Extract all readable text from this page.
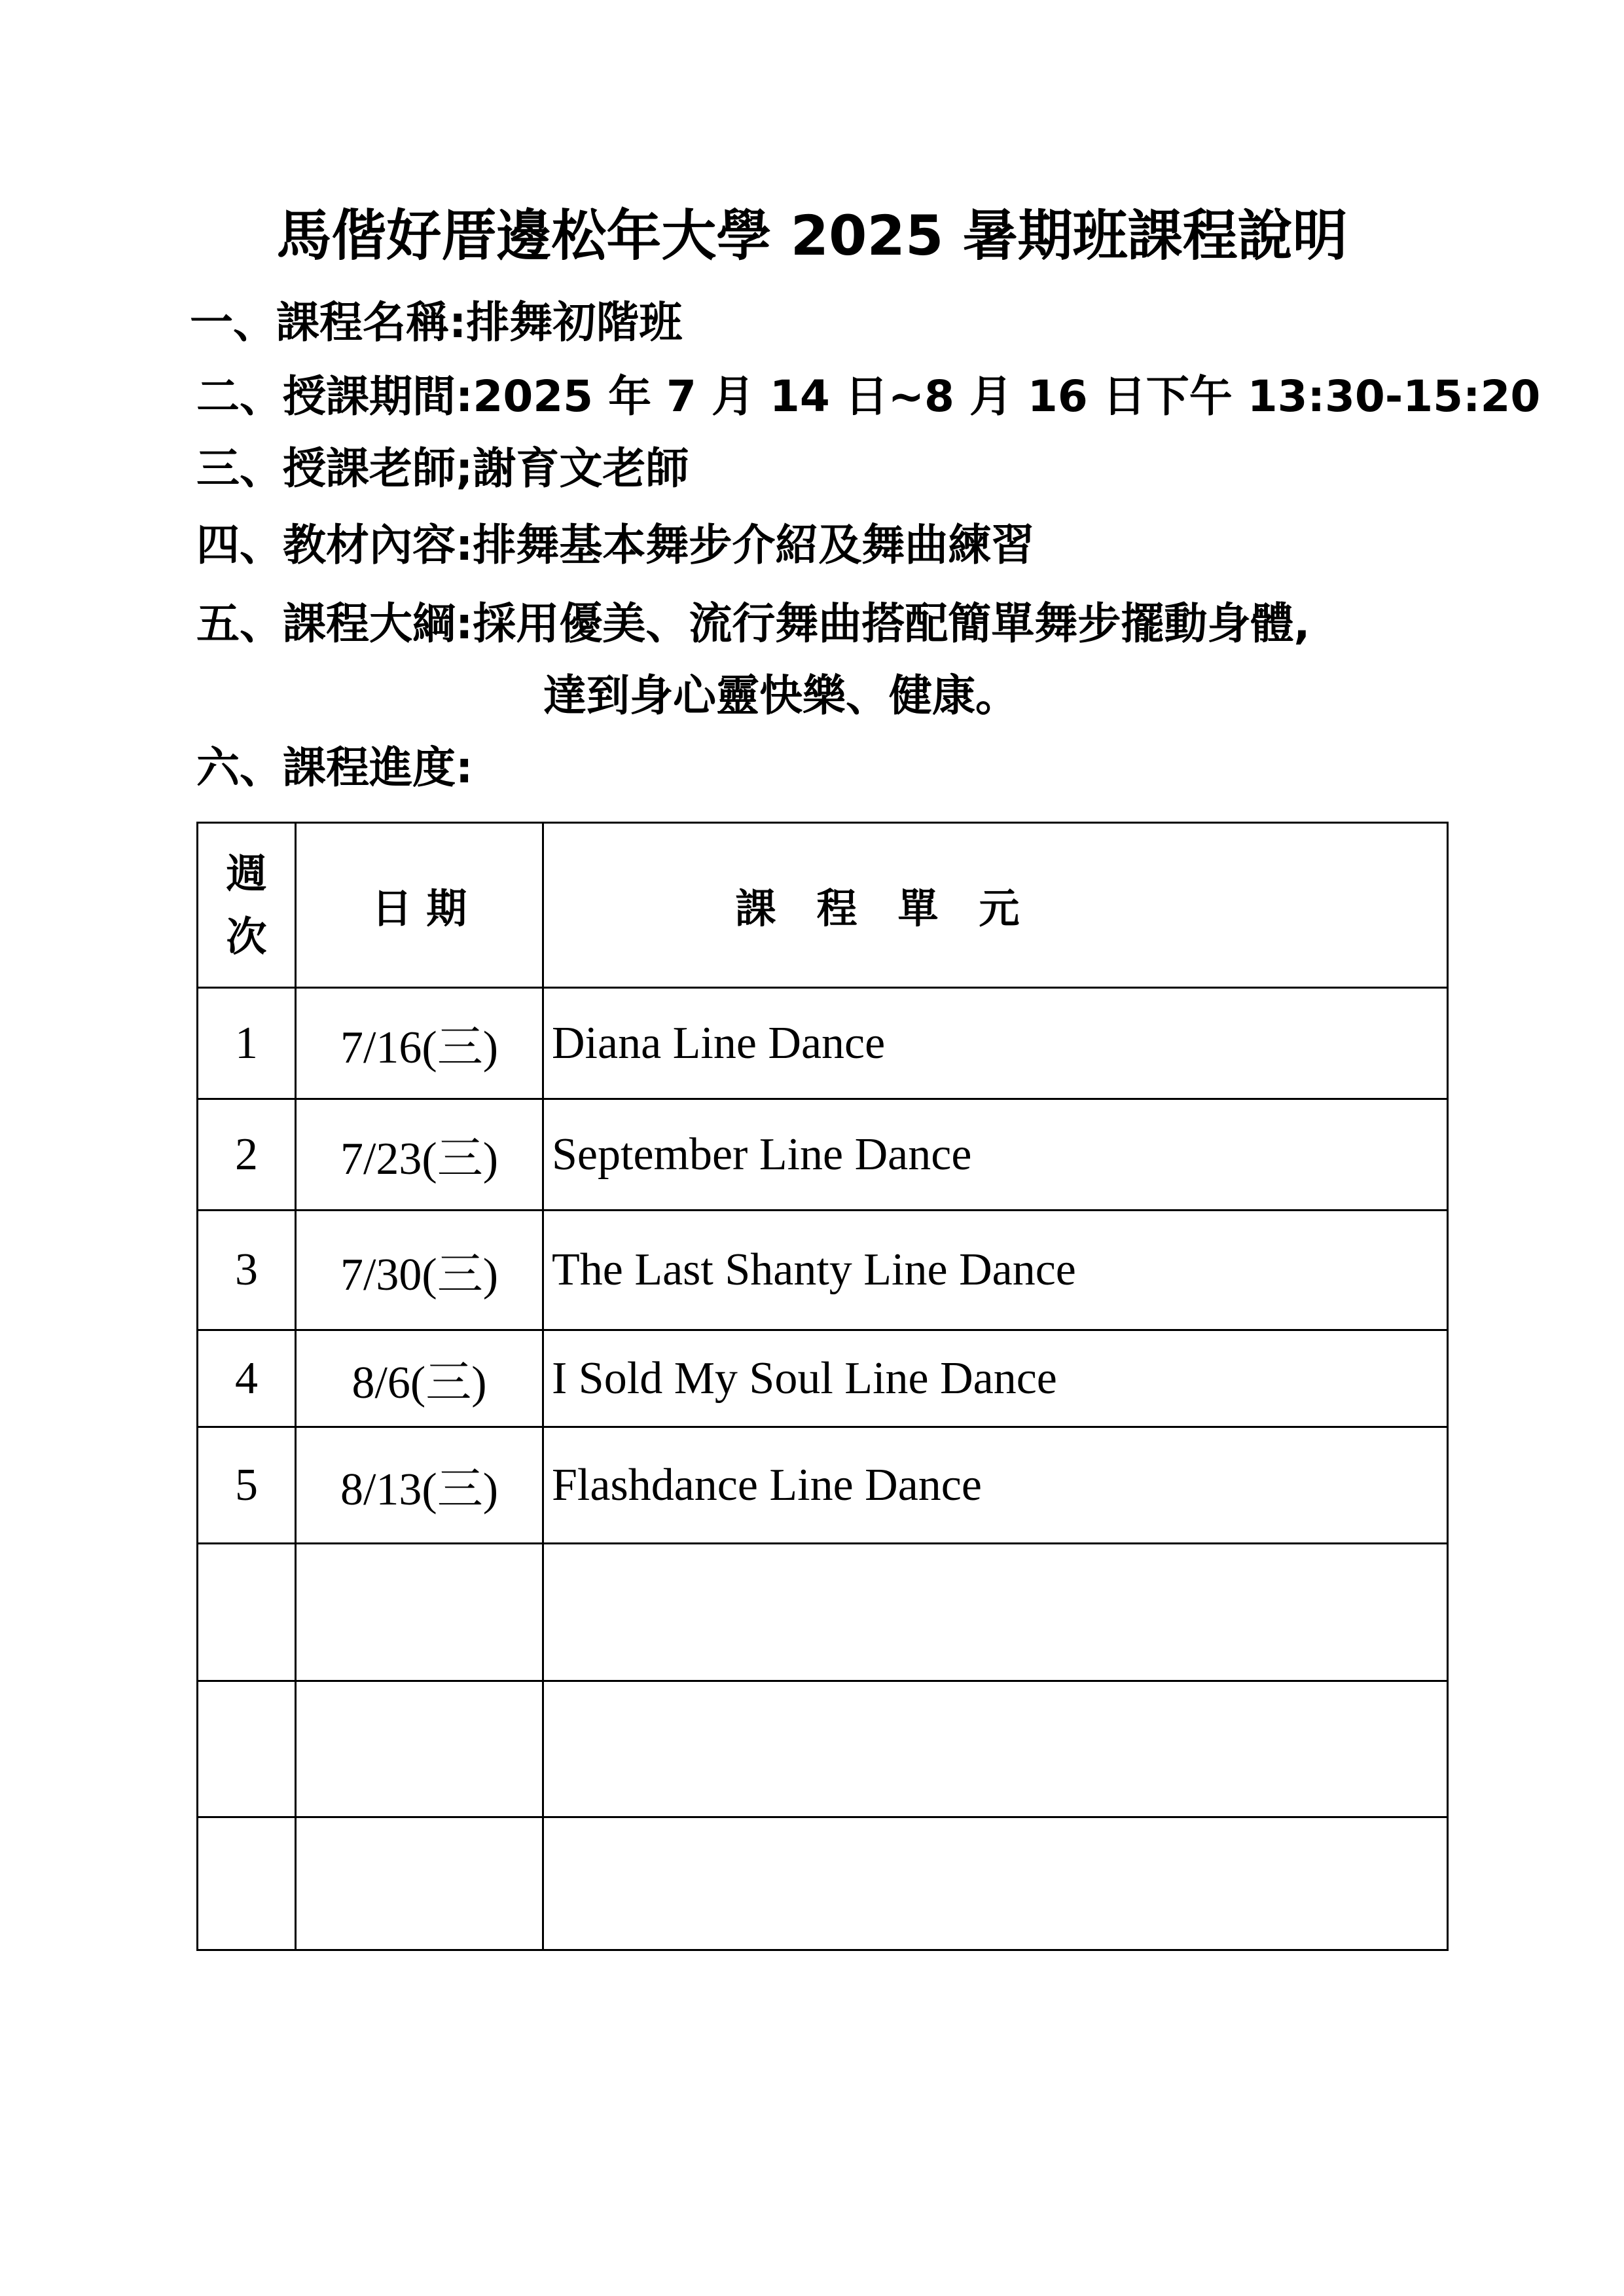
馬偕好厝邊松年大學 2025 暑期班課程說明
一、課程名稱:排舞初階班
二、授課期間:2025 年 7 月 14 日~8 月 16 日下午 13:30-15:20
三、授課老師;謝育文老師
四、教材內容:排舞基本舞步介紹及舞曲練習
五、課程大綱:採用優美、流行舞曲搭配簡單舞步擺動身體,
達到身心靈快樂、健康。
六、課程進度:
週
次	日 期	課　程　單　元
1	7/16(三)	Diana Line Dance
2	7/23(三)	September Line Dance
3	7/30(三)	The Last Shanty Line Dance
4	8/6(三)	I Sold My Soul Line Dance
5	8/13(三)	Flashdance Line Dance
